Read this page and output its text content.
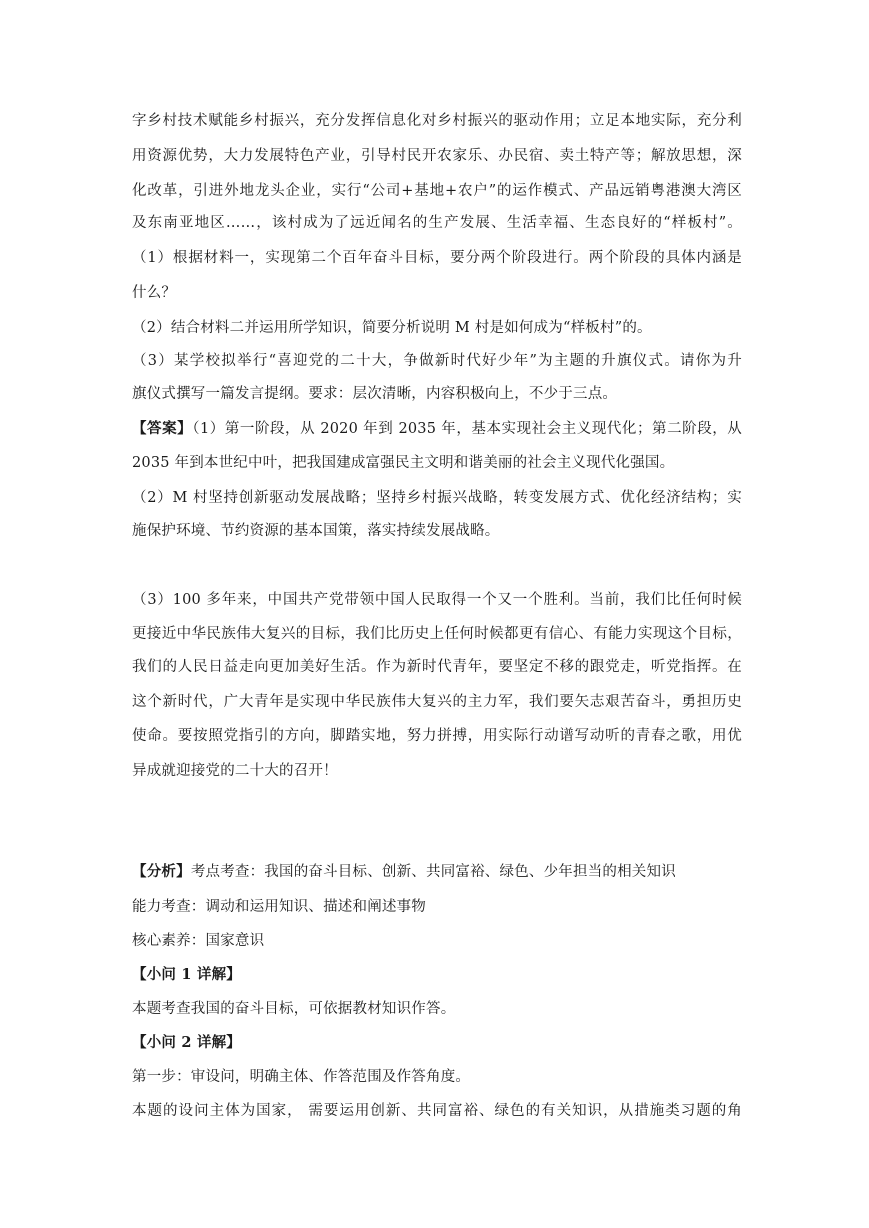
字乡村技术赋能乡村振兴，充分发挥信息化对乡村振兴的驱动作用；立足本地实际，充分利
用资源优势，大力发展特色产业，引导村民开农家乐、办民宿、卖土特产等；解放思想，深
化改革，引进外地龙头企业，实行“公司+基地+农户”的运作模式、产品远销粤港澳大湾区
及东南亚地区……，该村成为了远近闻名的生产发展、生活幸福、生态良好的“样板村”。
（1）根据材料一，实现第二个百年奋斗目标，要分两个阶段进行。两个阶段的具体内涵是
什么？
（2）结合材料二并运用所学知识，简要分析说明 M 村是如何成为“样板村”的。
（3）某学校拟举行“喜迎党的二十大，争做新时代好少年”为主题的升旗仪式。请你为升
旗仪式撰写一篇发言提纲。要求：层次清晰，内容积极向上，不少于三点。
【答案】（1）第一阶段，从 2020 年到 2035 年，基本实现社会主义现代化；第二阶段，从
2035 年到本世纪中叶，把我国建成富强民主文明和谐美丽的社会主义现代化强国。
（2）M 村坚持创新驱动发展战略；坚持乡村振兴战略，转变发展方式、优化经济结构；实
施保护环境、节约资源的基本国策，落实持续发展战略。
（3）100 多年来，中国共产党带领中国人民取得一个又一个胜利。当前，我们比任何时候
更接近中华民族伟大复兴的目标，我们比历史上任何时候都更有信心、有能力实现这个目标，
我们的人民日益走向更加美好生活。作为新时代青年，要坚定不移的跟党走，听党指挥。在
这个新时代，广大青年是实现中华民族伟大复兴的主力军，我们要矢志艰苦奋斗，勇担历史
使命。要按照党指引的方向，脚踏实地，努力拼搏，用实际行动谱写动听的青春之歌，用优
异成就迎接党的二十大的召开！
【分析】考点考查：我国的奋斗目标、创新、共同富裕、绿色、少年担当的相关知识
能力考查：调动和运用知识、描述和阐述事物
核心素养：国家意识
【小问 1 详解】
本题考查我国的奋斗目标，可依据教材知识作答。
【小问 2 详解】
第一步：审设问，明确主体、作答范围及作答角度。
本题的设问主体为国家， 需要运用创新、共同富裕、绿色的有关知识，从措施类习题的角
